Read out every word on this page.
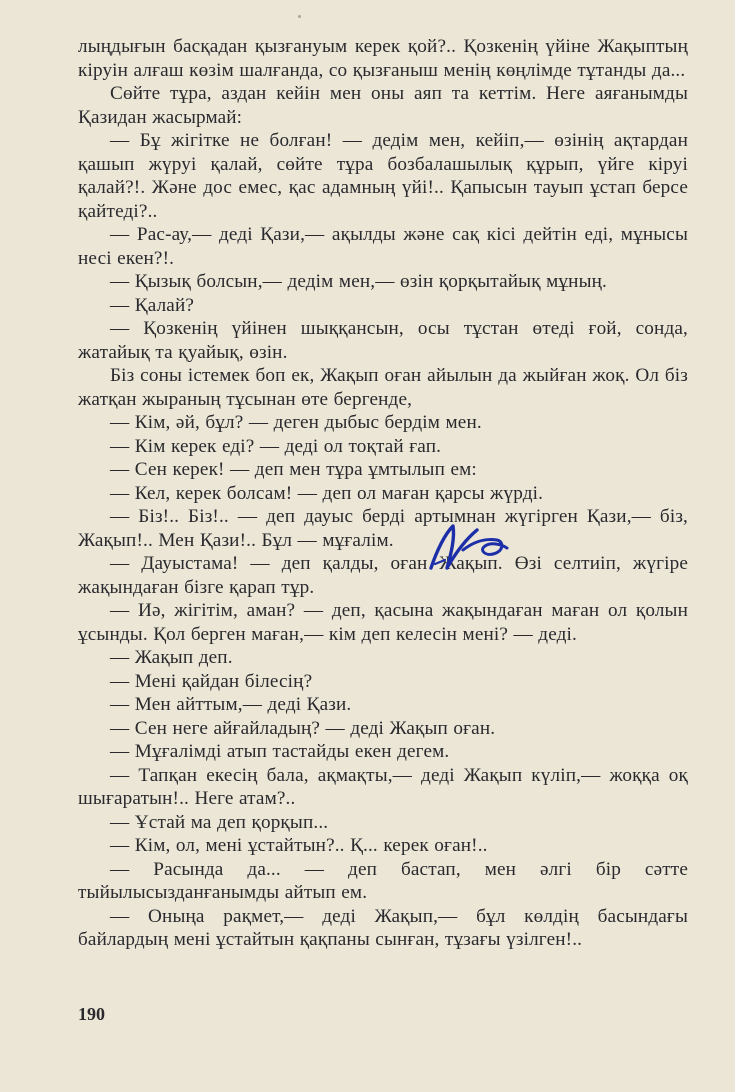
лыңдығын басқадан қызғануым керек қой?.. Қозкенің үйіне Жақыптың кіруін алғаш көзім шалғанда, со қызғаныш менің көңлімде тұтанды да...

Сөйте тұра, аздан кейін мен оны аяп та кеттім. Неге аяғанымды Қазидан жасырмай:

— Бұ жігітке не болған! — дедім мен, кейіп,— өзінің ақтардан қашып жүруі қалай, сөйте тұра бозбалашылық құрып, үйге кіруі қалай?!. Және дос емес, қас адамның үйі!.. Қапысын тауып ұстап берсе қайтеді?..

— Рас-ау,— деді Қази,— ақылды және сақ кісі дейтін еді, мұнысы несі екен?!.

— Қызық болсын,— дедім мен,— өзін қорқытайық мұның.

— Қалай?

— Қозкенің үйінен шыққансын, осы тұстан өтеді ғой, сонда, жатайық та қуайық, өзін.

Біз соны істемек боп ек, Жақып оған айылын да жыйған жоқ. Ол біз жатқан жыраның тұсынан өте бергенде,

— Кім, әй, бұл? — деген дыбыс бердім мен.

— Кім керек еді? — деді ол тоқтай ғап.

— Сен керек! — деп мен тұра ұмтылып ем:

— Кел, керек болсам! — деп ол маған қарсы жүрді.

— Біз!.. Біз!.. — деп дауыс берді артымнан жүгірген Қази,— біз, Жақып!.. Мен Қази!.. Бұл — мұғалім.

— Дауыстама! — деп қалды, оған Жақып. Өзі селтиіп, жүгіре жақындаған бізге қарап тұр.

— Иә, жігітім, аман? — деп, қасына жақындаған маған ол қолын ұсынды. Қол берген маған,— кім деп келесін мені? — деді.

— Жақып деп.

— Мені қайдан білесің?

— Мен айттым,— деді Қази.

— Сен неге айғайладың? — деді Жақып оған.

— Мұғалімді атып тастайды екен дегем.

— Тапқан екесің бала, ақмақты,— деді Жақып күліп,— жоққа оқ шығаратын!.. Неге атам?..

— Ұстай ма деп қорқып...

— Кім, ол, мені ұстайтын?.. Қ... керек оған!..

— Расында да... — деп бастап, мен әлгі бір сәтте тыйылысызданғанымды айтып ем.

— Оныңа рақмет,— деді Жақып,— бұл көлдің басындағы байлардың мені ұстайтын қақпаны сынған, тұзағы үзілген!..

190
